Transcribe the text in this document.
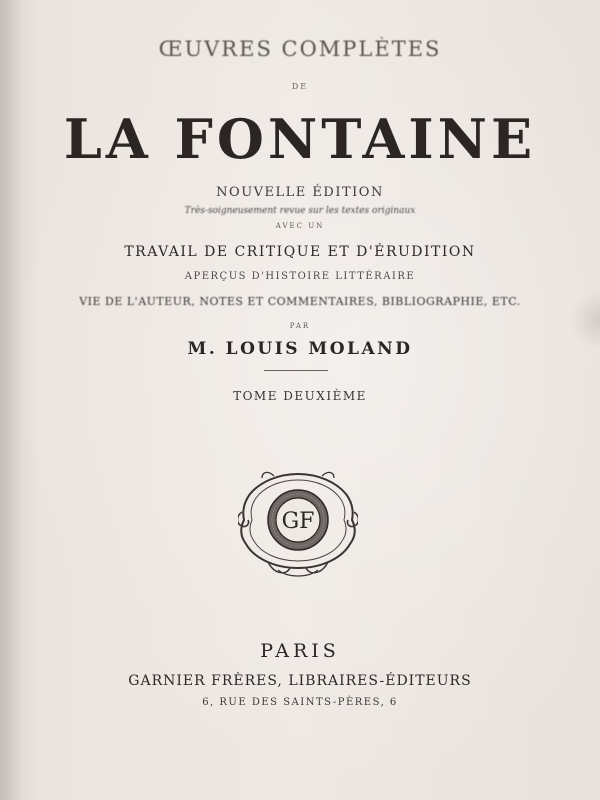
ŒUVRES COMPLÈTES
DE
LA FONTAINE
NOUVELLE ÉDITION
Très-soigneusement revue sur les textes originaux
AVEC UN
TRAVAIL DE CRITIQUE ET D'ÉRUDITION
APERÇUS D'HISTOIRE LITTÉRAIRE
VIE DE L'AUTEUR, NOTES ET COMMENTAIRES, BIBLIOGRAPHIE, ETC.
PAR
M. LOUIS MOLAND
TOME DEUXIÈME
GF
PARIS
GARNIER FRÈRES, LIBRAIRES-ÉDITEURS
6, RUE DES SAINTS-PÈRES, 6
